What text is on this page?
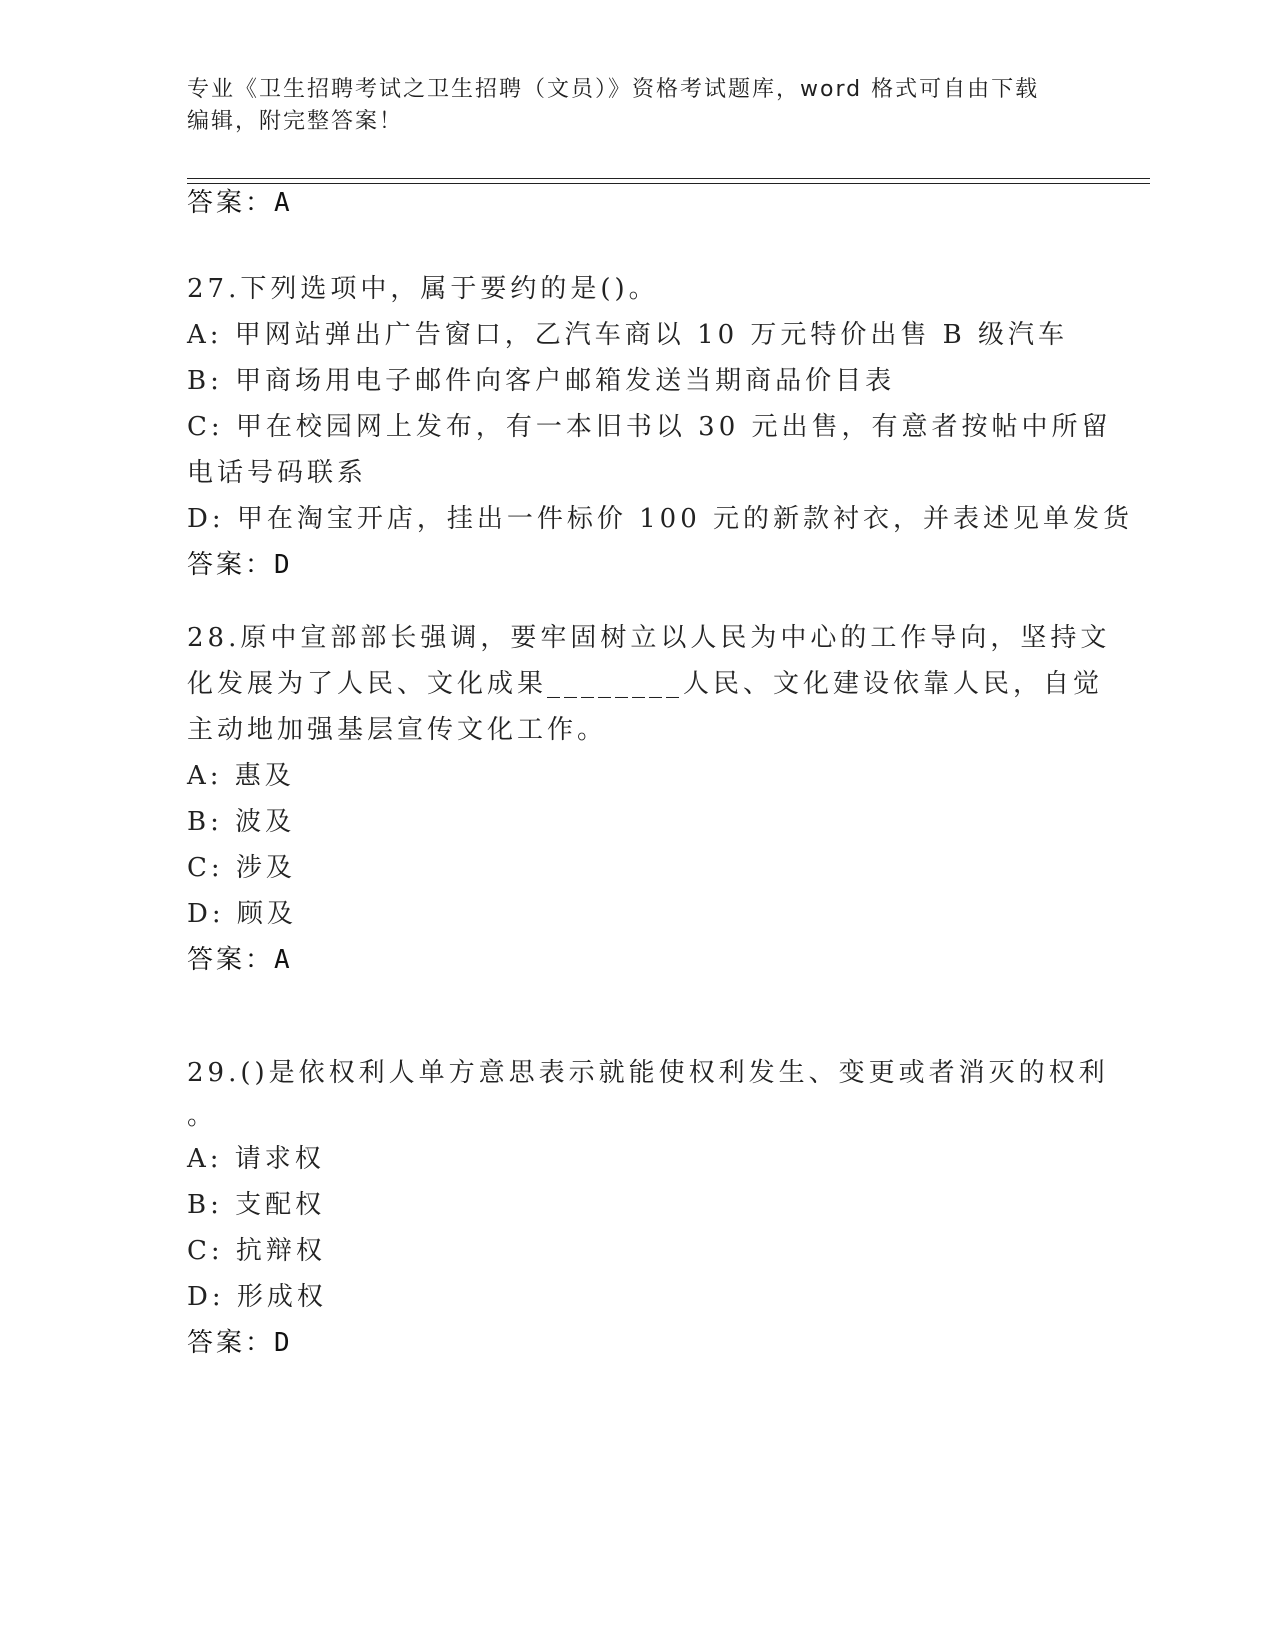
专业《卫生招聘考试之卫生招聘（文员）》资格考试题库，word 格式可自由下载
编辑，附完整答案！
答案：A
27.下列选项中，属于要约的是()。
A: 甲网站弹出广告窗口，乙汽车商以 10 万元特价出售 B 级汽车
B: 甲商场用电子邮件向客户邮箱发送当期商品价目表
C: 甲在校园网上发布，有一本旧书以 30 元出售，有意者按帖中所留
电话号码联系
D: 甲在淘宝开店，挂出一件标价 100 元的新款衬衣，并表述见单发货
答案：D
28.原中宣部部长强调，要牢固树立以人民为中心的工作导向，坚持文
化发展为了人民、文化成果________人民、文化建设依靠人民，自觉
主动地加强基层宣传文化工作。
A: 惠及
B: 波及
C: 涉及
D: 顾及
答案：A
29.()是依权利人单方意思表示就能使权利发生、变更或者消灭的权利
。
A: 请求权
B: 支配权
C: 抗辩权
D: 形成权
答案：D
